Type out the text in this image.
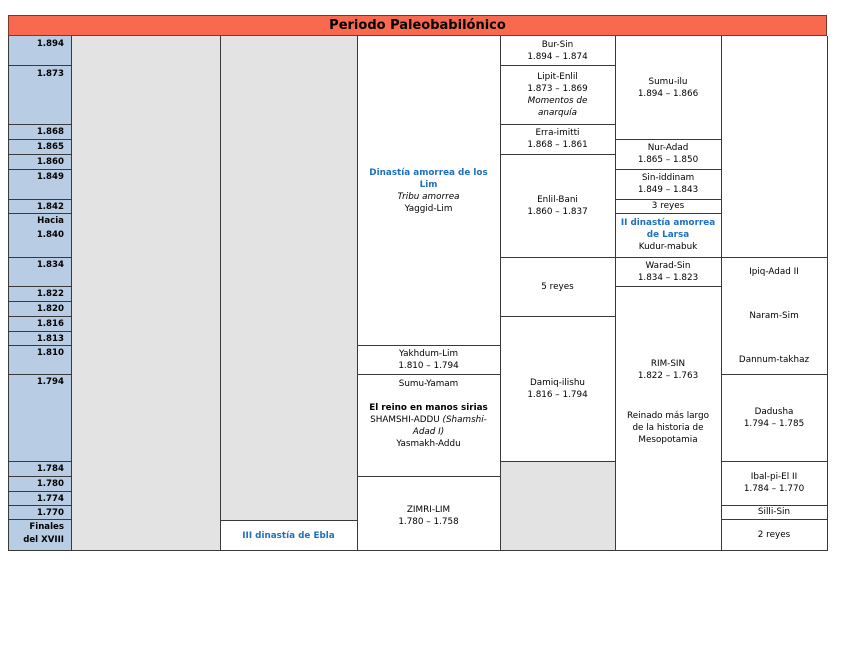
Periodo Paleobabilónico
1.894
1.873
1.868
1.865
1.860
1.849
1.842
Hacia
1.840
1.834
1.822
1.820
1.816
1.813
1.810
1.794
1.784
1.780
1.774
1.770
Finales
del XVIII	III dinastía de Ebla
Dinastía amorrea de los Lim
Tribu amorrea
Yaggid-Lim
Yakhdum-Lim
1.810 – 1.794
Sumu-Yamam
El reino en manos sirias
SHAMSHI-ADDU (Shamshi-
Adad I)
Yasmakh-Addu
ZIMRI-LIM
1.780 – 1.758
Bur-Sin
1.894 – 1.874
Lipit-Enlil
1.873 – 1.869
Momentos de
anarquía
Erra-imitti
1.868 – 1.861
Enlil-Bani
1.860 – 1.837
5 reyes
Damiq-ilishu
1.816 – 1.794
Sumu-ilu
1.894 – 1.866
Nur-Adad
1.865 – 1.850
Sin-iddinam
1.849 – 1.843
3 reyes
II dinastía amorrea
de Larsa
Kudur-mabuk
Warad-Sin
1.834 – 1.823
RIM-SIN
1.822 – 1.763
Reinado más largo
de la historia de
Mesopotamia
Ipiq-Adad II
Naram-Sim
Dannum-takhaz
Dadusha
1.794 – 1.785
Ibal-pi-El II
1.784 – 1.770
Silli-Sin
2 reyes
